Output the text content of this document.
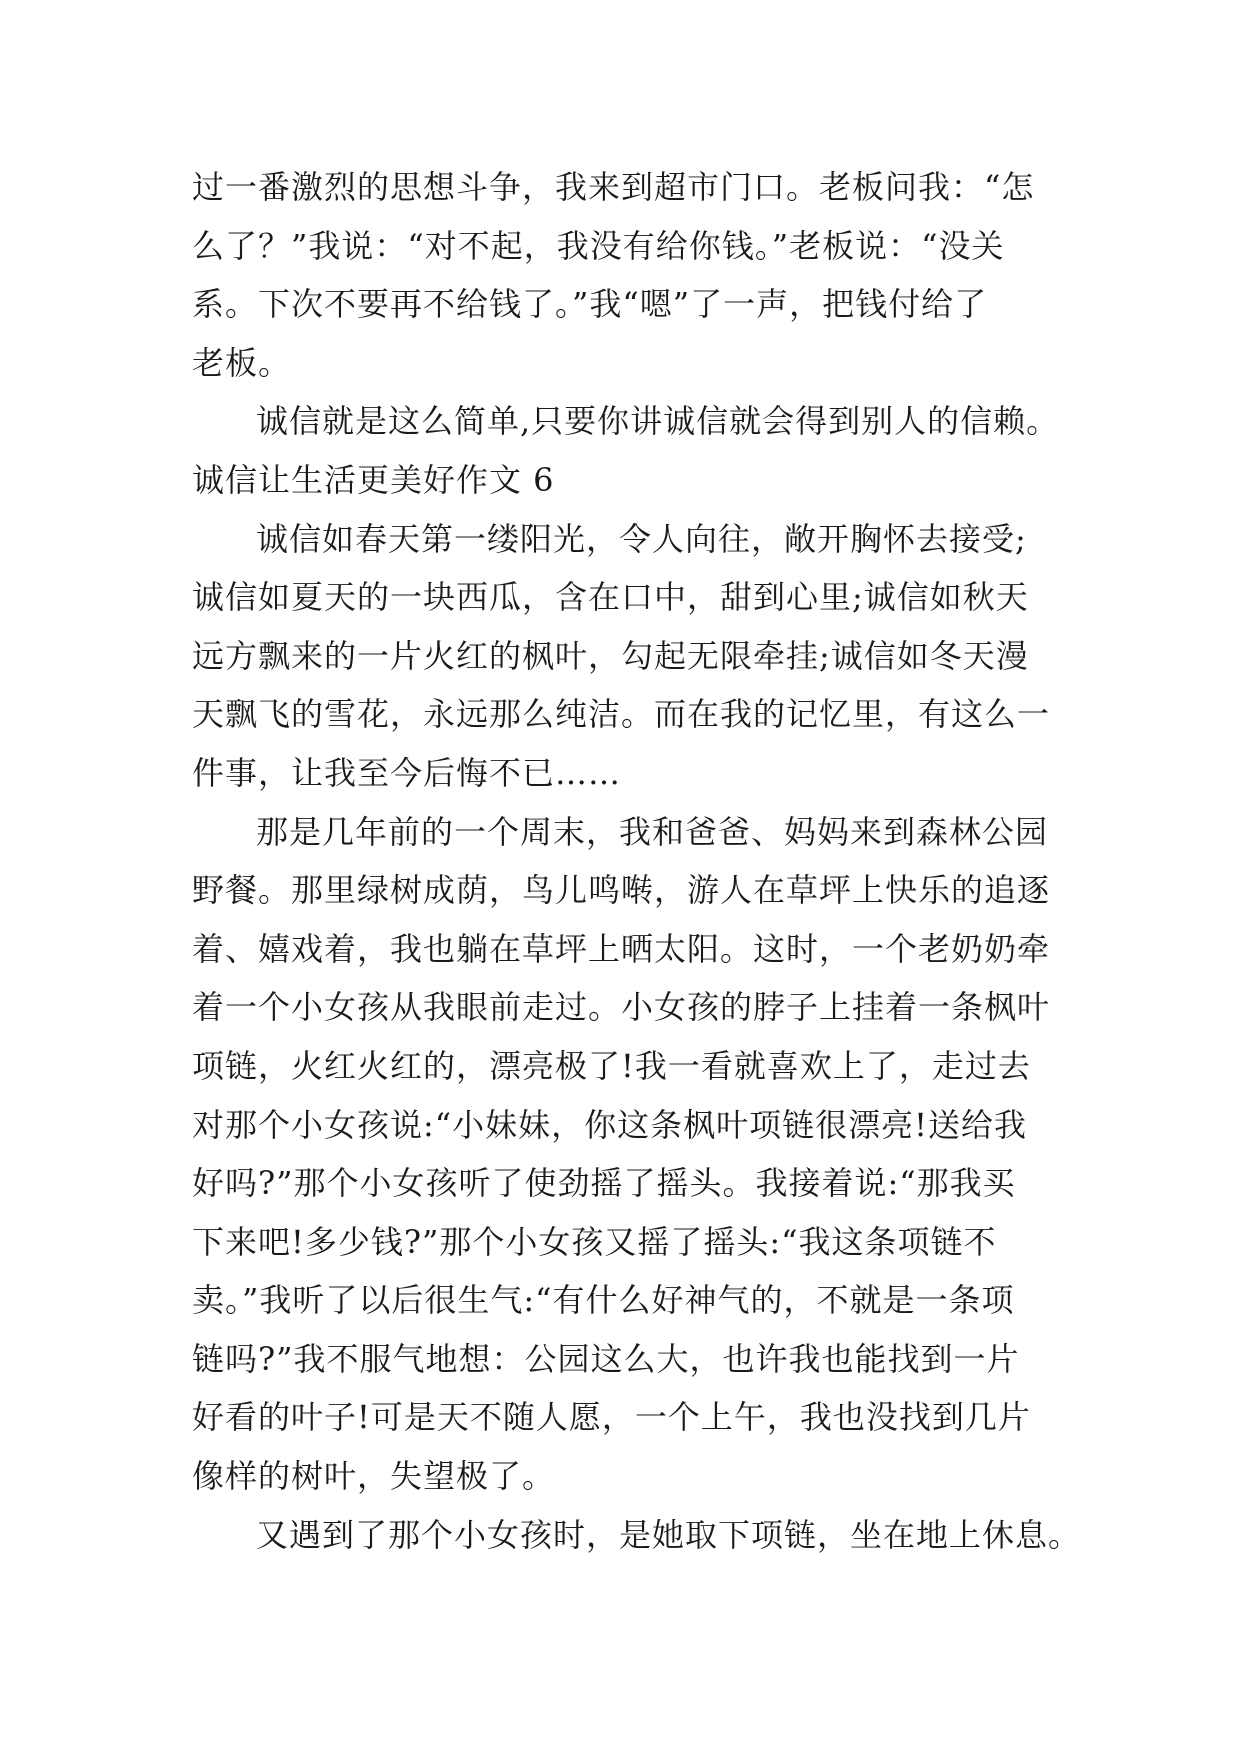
过一番激烈的思想斗争，我来到超市门口。老板问我：“怎
么了？”我说：“对不起，我没有给你钱。”老板说：“没关
系。下次不要再不给钱了。”我“嗯”了一声，把钱付给了
老板。
诚信就是这么简单,只要你讲诚信就会得到别人的信赖。
诚信让生活更美好作文 6
诚信如春天第一缕阳光，令人向往，敞开胸怀去接受;
诚信如夏天的一块西瓜，含在口中，甜到心里;诚信如秋天
远方飘来的一片火红的枫叶，勾起无限牵挂;诚信如冬天漫
天飘飞的雪花，永远那么纯洁。而在我的记忆里，有这么一
件事，让我至今后悔不已……
那是几年前的一个周末，我和爸爸、妈妈来到森林公园
野餐。那里绿树成荫，鸟儿鸣啭，游人在草坪上快乐的追逐
着、嬉戏着，我也躺在草坪上晒太阳。这时，一个老奶奶牵
着一个小女孩从我眼前走过。小女孩的脖子上挂着一条枫叶
项链，火红火红的，漂亮极了!我一看就喜欢上了，走过去
对那个小女孩说:“小妹妹，你这条枫叶项链很漂亮!送给我
好吗?”那个小女孩听了使劲摇了摇头。我接着说:“那我买
下来吧!多少钱?”那个小女孩又摇了摇头:“我这条项链不
卖。”我听了以后很生气:“有什么好神气的，不就是一条项
链吗?”我不服气地想：公园这么大，也许我也能找到一片
好看的叶子!可是天不随人愿，一个上午，我也没找到几片
像样的树叶，失望极了。
又遇到了那个小女孩时，是她取下项链，坐在地上休息。
